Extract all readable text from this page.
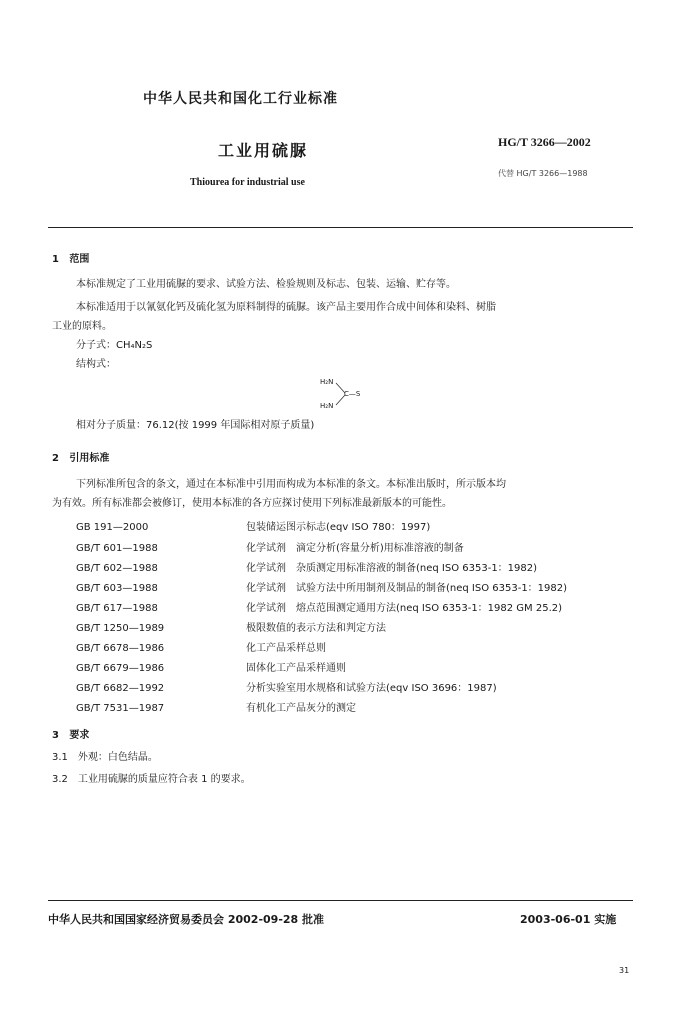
中华人民共和国化工行业标准
工业用硫脲	HG/T 3266—2002
Thiourea for industrial use
代替 HG/T 3266—1988
1 范围
本标准规定了工业用硫脲的要求、试验方法、检验规则及标志、包装、运输、贮存等。
本标准适用于以氰氨化钙及硫化氢为原料制得的硫脲。该产品主要用作合成中间体和染料、树脂
工业的原料。
分子式：CH₄N₂S
结构式：
H₂N
C—S
H₂N
相对分子质量：76.12(按 1999 年国际相对原子质量)
2 引用标准
下列标准所包含的条文，通过在本标准中引用而构成为本标准的条文。本标准出版时，所示版本均
为有效。所有标准都会被修订，使用本标准的各方应探讨使用下列标准最新版本的可能性。
GB 191—2000	包装储运图示标志(eqv ISO 780：1997)
GB/T 601—1988	化学试剂　滴定分析(容量分析)用标准溶液的制备
GB/T 602—1988	化学试剂　杂质测定用标准溶液的制备(neq ISO 6353-1：1982)
GB/T 603—1988	化学试剂　试验方法中所用制剂及制品的制备(neq ISO 6353-1：1982)
GB/T 617—1988	化学试剂　熔点范围测定通用方法(neq ISO 6353-1：1982 GM 25.2)
GB/T 1250—1989	极限数值的表示方法和判定方法
GB/T 6678—1986	化工产品采样总则
GB/T 6679—1986	固体化工产品采样通则
GB/T 6682—1992	分析实验室用水规格和试验方法(eqv ISO 3696：1987)
GB/T 7531—1987	有机化工产品灰分的测定
3 要求
3.1　外观：白色结晶。
3.2　工业用硫脲的质量应符合表 1 的要求。
中华人民共和国国家经济贸易委员会 2002-09-28 批准	2003-06-01 实施
31
